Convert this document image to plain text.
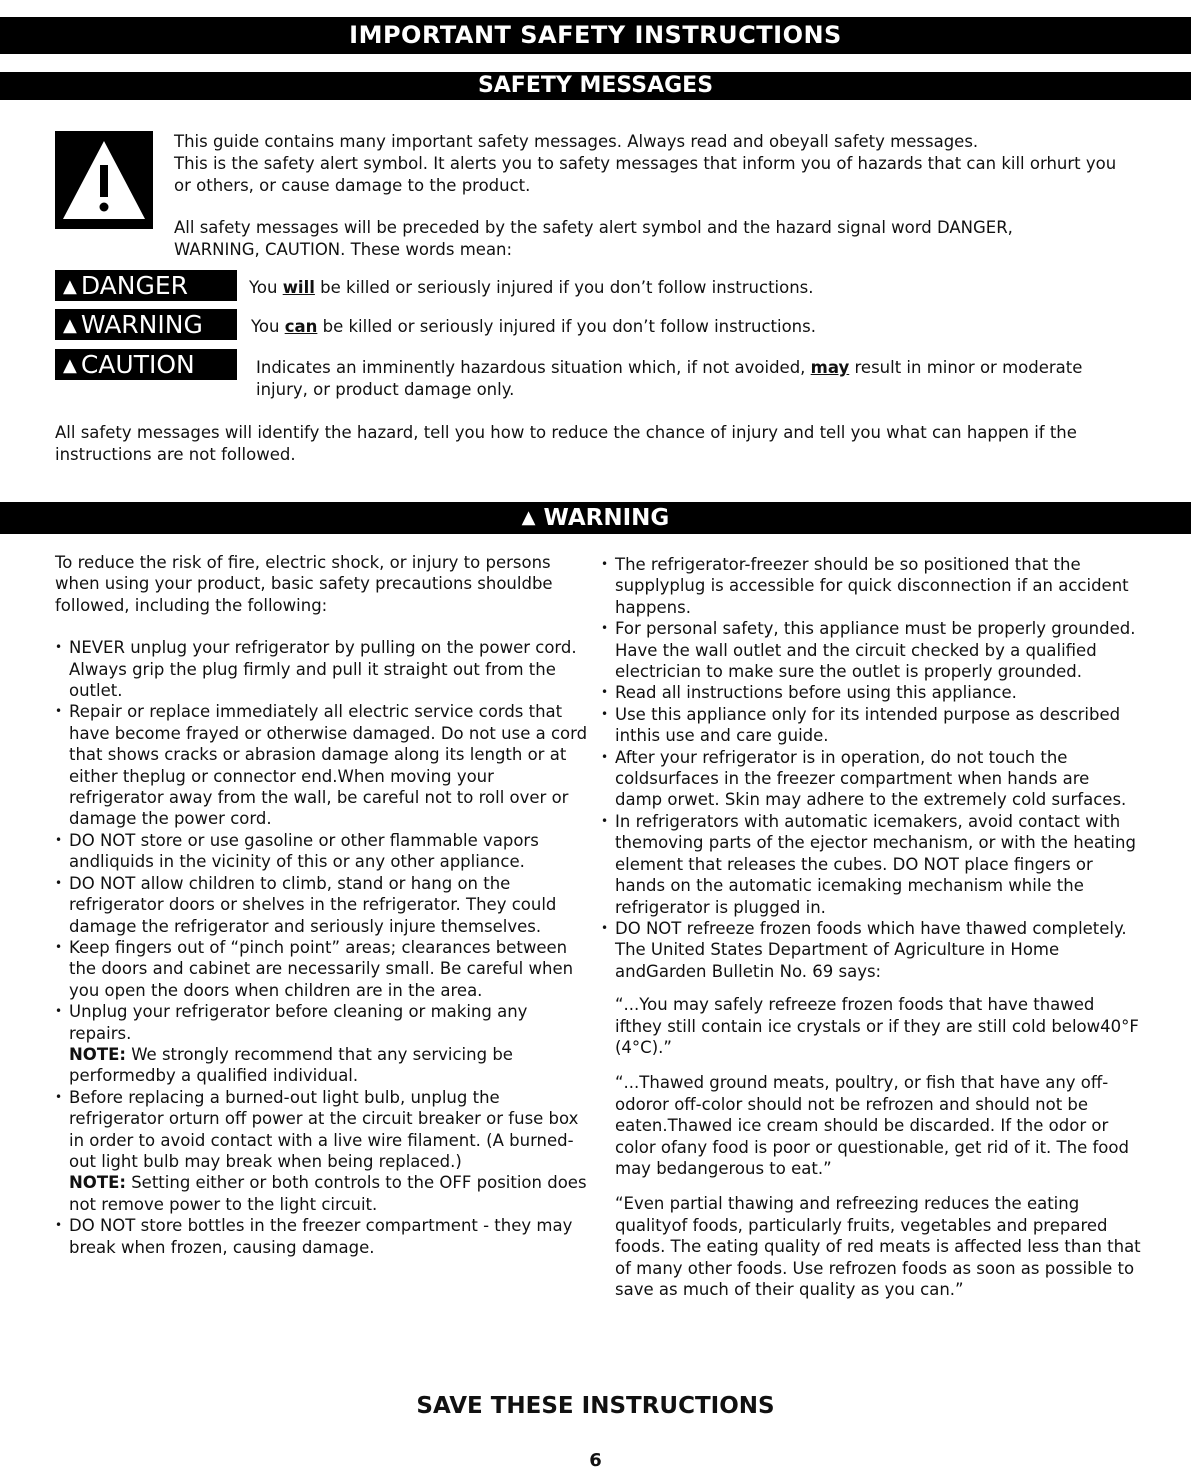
IMPORTANT SAFETY INSTRUCTIONS
SAFETY MESSAGES

This guide contains many important safety messages. Always read and obeyall safety messages.

This is the safety alert symbol. It alerts you to safety messages that inform you of hazards that can kill orhurt you or others, or cause damage to the product.

All safety messages will be preceded by the safety alert symbol and the hazard signal word DANGER, WARNING, CAUTION. These words mean:

▲ DANGER	You will be killed or seriously injured if you don’t follow instructions.
▲ WARNING	You can be killed or seriously injured if you don’t follow instructions.
▲ CAUTION	Indicates an imminently hazardous situation which, if not avoided, may result in minor or moderate injury, or product damage only.

All safety messages will identify the hazard, tell you how to reduce the chance of injury and tell you what can happen if the instructions are not followed.

▲ WARNING

To reduce the risk of fire, electric shock, or injury to persons when using your product, basic safety precautions shouldbe followed, including the following:

• NEVER unplug your refrigerator by pulling on the power cord. Always grip the plug firmly and pull it straight out from the outlet.
• Repair or replace immediately all electric service cords that have become frayed or otherwise damaged. Do not use a cord that shows cracks or abrasion damage along its length or at either theplug or connector end.When moving your refrigerator away from the wall, be careful not to roll over or damage the power cord.
• DO NOT store or use gasoline or other flammable vapors andliquids in the vicinity of this or any other appliance.
• DO NOT allow children to climb, stand or hang on the refrigerator doors or shelves in the refrigerator. They could damage the refrigerator and seriously injure themselves.
• Keep fingers out of “pinch point” areas; clearances between the doors and cabinet are necessarily small. Be careful when you open the doors when children are in the area.
• Unplug your refrigerator before cleaning or making any repairs.
NOTE: We strongly recommend that any servicing be performedby a qualified individual.
• Before replacing a burned-out light bulb, unplug the refrigerator orturn off power at the circuit breaker or fuse box in order to avoid contact with a live wire filament. (A burned-out light bulb may break when being replaced.)
NOTE: Setting either or both controls to the OFF position does not remove power to the light circuit.
• DO NOT store bottles in the freezer compartment - they may break when frozen, causing damage.
• The refrigerator-freezer should be so positioned that the supplyplug is accessible for quick disconnection if an accident happens.
• For personal safety, this appliance must be properly grounded. Have the wall outlet and the circuit checked by a qualified electrician to make sure the outlet is properly grounded.
• Read all instructions before using this appliance.
• Use this appliance only for its intended purpose as described inthis use and care guide.
• After your refrigerator is in operation, do not touch the coldsurfaces in the freezer compartment when hands are damp orwet. Skin may adhere to the extremely cold surfaces.
• In refrigerators with automatic icemakers, avoid contact with themoving parts of the ejector mechanism, or with the heating element that releases the cubes. DO NOT place fingers or hands on the automatic icemaking mechanism while the refrigerator is plugged in.
• DO NOT refreeze frozen foods which have thawed completely. The United States Department of Agriculture in Home andGarden Bulletin No. 69 says:

“...You may safely refreeze frozen foods that have thawed ifthey still contain ice crystals or if they are still cold below40°F (4°C).”

“...Thawed ground meats, poultry, or fish that have any off-odoror off-color should not be refrozen and should not be eaten.Thawed ice cream should be discarded. If the odor or color ofany food is poor or questionable, get rid of it. The food may bedangerous to eat.”

“Even partial thawing and refreezing reduces the eating qualityof foods, particularly fruits, vegetables and prepared foods. The eating quality of red meats is affected less than that of many other foods. Use refrozen foods as soon as possible to save as much of their quality as you can.”

SAVE THESE INSTRUCTIONS
6
